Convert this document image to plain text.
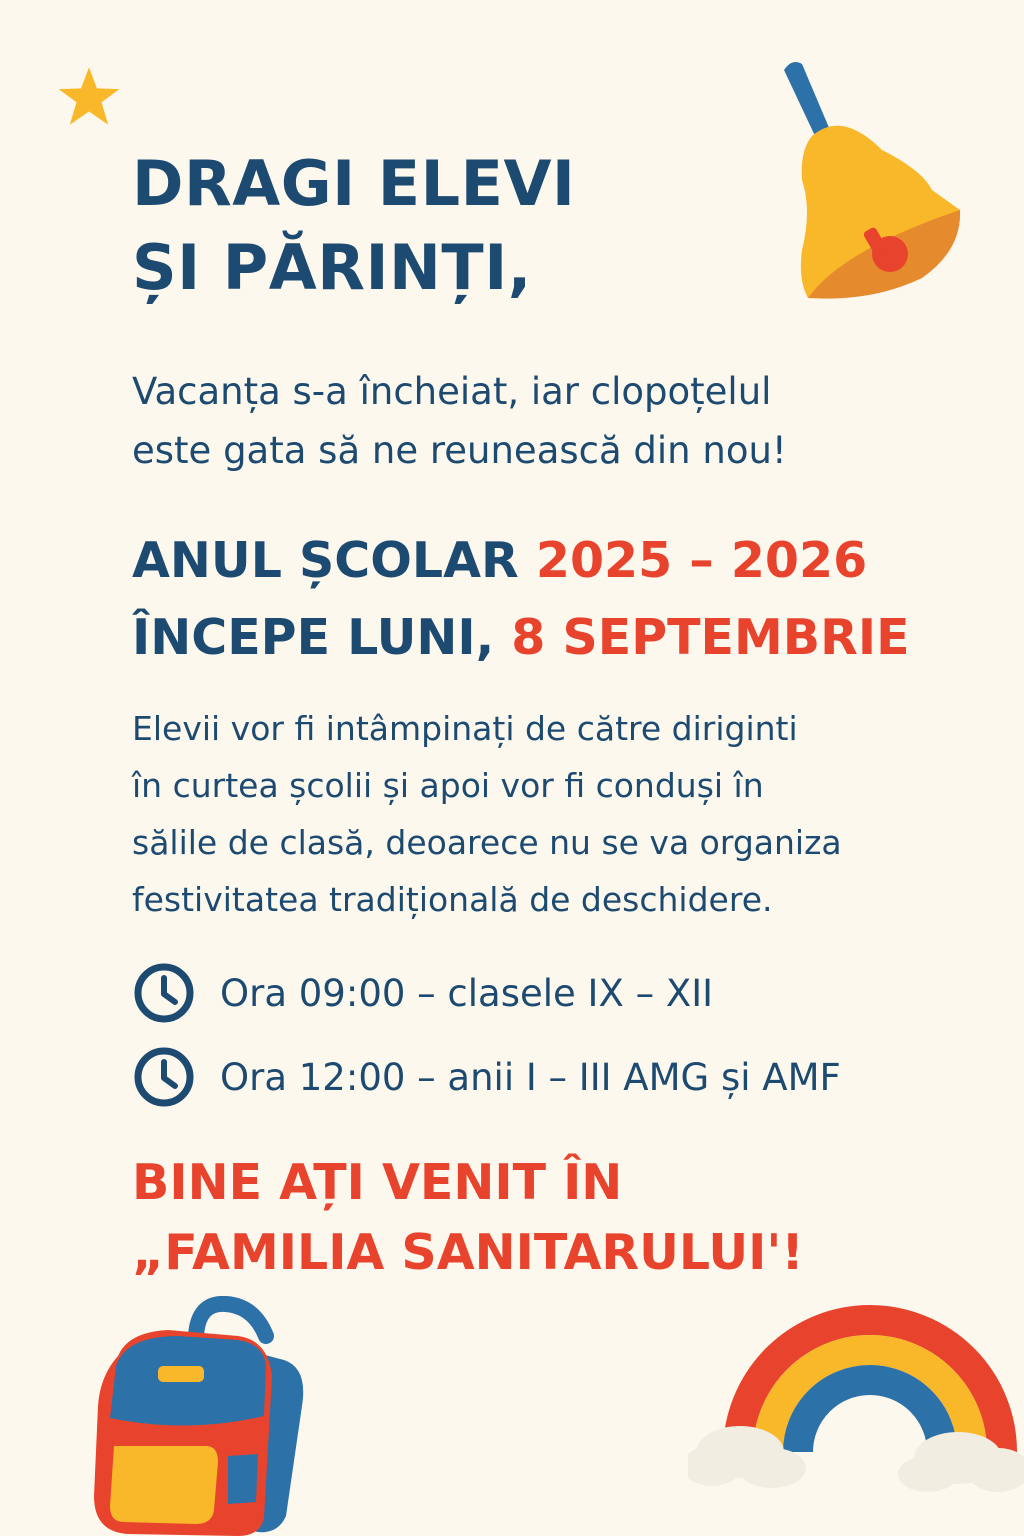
DRAGI ELEVI
ȘI PĂRINȚI,

Vacanța s-a încheiat, iar clopoțelul
este gata să ne reunească din nou!

ANUL ȘCOLAR 2025 – 2026
ÎNCEPE LUNI, 8 SEPTEMBRIE

Elevii vor fi intâmpinați de către diriginti
în curtea școlii și apoi vor fi conduși în
sălile de clasă, deoarece nu se va organiza
festivitatea tradițională de deschidere.

Ora 09:00 – clasele IX – XII
Ora 12:00 – anii I – III AMG și AMF
BINE AȚI VENIT ÎN
„FAMILIA SANITARULUI'!
